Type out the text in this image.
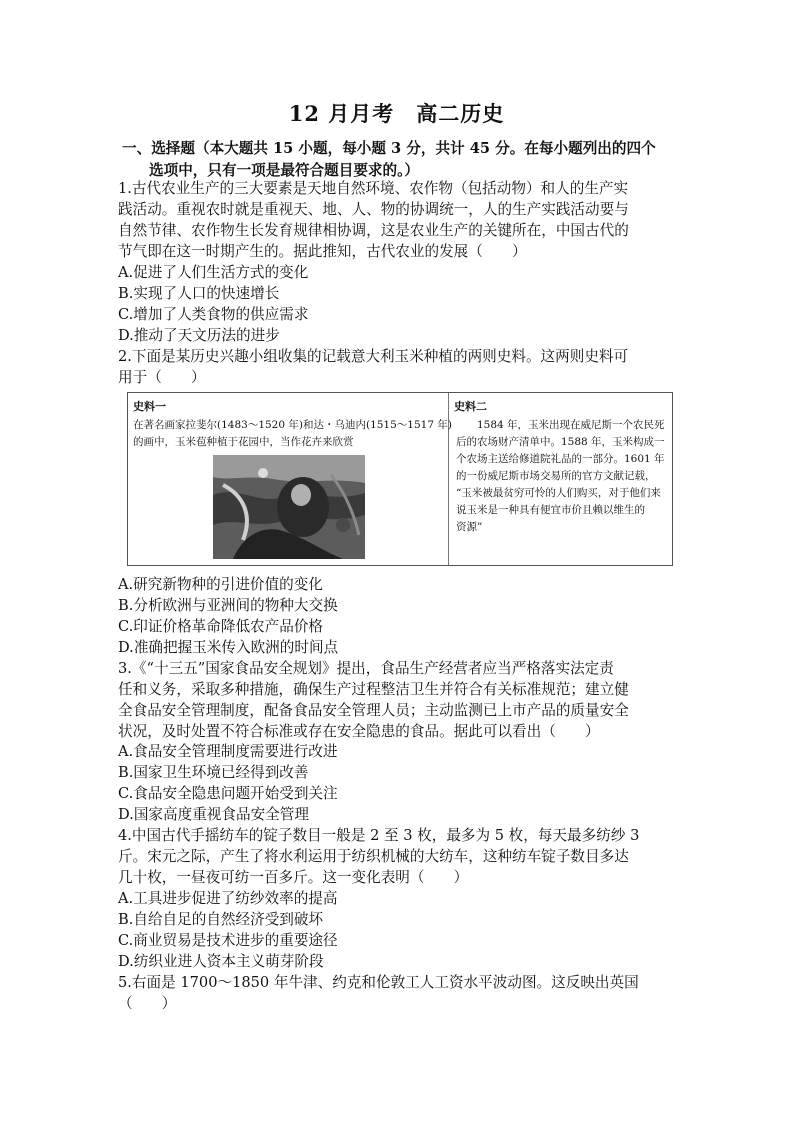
12 月月考　高二历史
一、选择题（本大题共 15 小题，每小题 3 分，共计 45 分。在每小题列出的四个
选项中，只有一项是最符合题目要求的。）
1.古代农业生产的三大要素是天地自然环境、农作物（包括动物）和人的生产实
践活动。重视农时就是重视天、地、人、物的协调统一，人的生产实践活动要与
自然节律、农作物生长发育规律相协调，这是农业生产的关键所在，中国古代的
节气即在这一时期产生的。据此推知，古代农业的发展（　　）
A.促进了人们生活方式的变化
B.实现了人口的快速增长
C.增加了人类食物的供应需求
D.推动了天文历法的进步
2.下面是某历史兴趣小组收集的记载意大利玉米种植的两则史料。这两则史料可
用于（　　）
史料一
在著名画家拉斐尔(1483～1520 年)和达・乌迪内(1515～1517 年)
的画中，玉米苞种植于花园中，当作花卉来欣赏
史料二
　　1584 年，玉米出现在威尼斯一个农民死
后的农场财产清单中。1588 年，玉米构成一
个农场主送给修道院礼品的一部分。1601 年
的一份威尼斯市场交易所的官方文献记载，
“玉米被最贫穷可怜的人们购买，对于他们来
说玉米是一种具有便宜市价且赖以维生的
资源”
A.研究新物种的引进价值的变化
B.分析欧洲与亚洲间的物种大交换
C.印证价格革命降低农产品价格
D.准确把握玉米传入欧洲的时间点
3.《“十三五”国家食品安全规划》提出，食品生产经营者应当严格落实法定责
任和义务，采取多种措施，确保生产过程整洁卫生并符合有关标准规范；建立健
全食品安全管理制度，配备食品安全管理人员；主动监测已上市产品的质量安全
状况，及时处置不符合标准或存在安全隐患的食品。据此可以看出（　　）
A.食品安全管理制度需要进行改进
B.国家卫生环境已经得到改善
C.食品安全隐患问题开始受到关注
D.国家高度重视食品安全管理
4.中国古代手摇纺车的锭子数目一般是 2 至 3 枚，最多为 5 枚，每天最多纺纱 3
斤。宋元之际，产生了将水利运用于纺织机械的大纺车，这种纺车锭子数目多达
几十枚，一昼夜可纺一百多斤。这一变化表明（　　）
A.工具进步促进了纺纱效率的提高
B.自给自足的自然经济受到破坏
C.商业贸易是技术进步的重要途径
D.纺织业进人资本主义萌芽阶段
5.右面是 1700～1850 年牛津、约克和伦敦工人工资水平波动图。这反映出英国
（　　）
